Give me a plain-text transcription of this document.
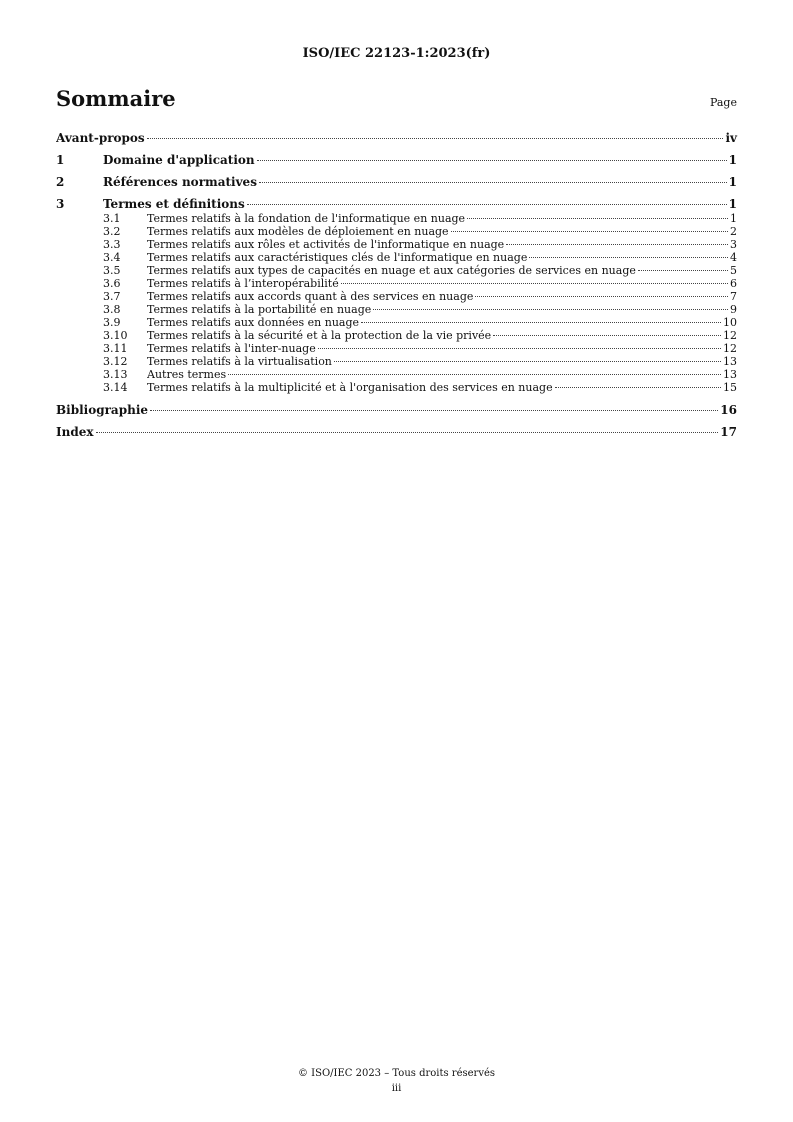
ISO/IEC 22123-1:2023(fr)
Sommaire	Page
Avant-propos	iv
1	Domaine d'application	1
2	Références normatives	1
3	Termes et définitions	1
3.1	Termes relatifs à la fondation de l'informatique en nuage	1
3.2	Termes relatifs aux modèles de déploiement en nuage	2
3.3	Termes relatifs aux rôles et activités de l'informatique en nuage	3
3.4	Termes relatifs aux caractéristiques clés de l'informatique en nuage	4
3.5	Termes relatifs aux types de capacités en nuage et aux catégories de services en nuage	5
3.6	Termes relatifs à l’interopérabilité	6
3.7	Termes relatifs aux accords quant à des services en nuage	7
3.8	Termes relatifs à la portabilité en nuage	9
3.9	Termes relatifs aux données en nuage	10
3.10	Termes relatifs à la sécurité et à la protection de la vie privée	12
3.11	Termes relatifs à l'inter-nuage	12
3.12	Termes relatifs à la virtualisation	13
3.13	Autres termes	13
3.14	Termes relatifs à la multiplicité et à l'organisation des services en nuage	15
Bibliographie	16
Index	17
© ISO/IEC 2023 – Tous droits réservés
iii
